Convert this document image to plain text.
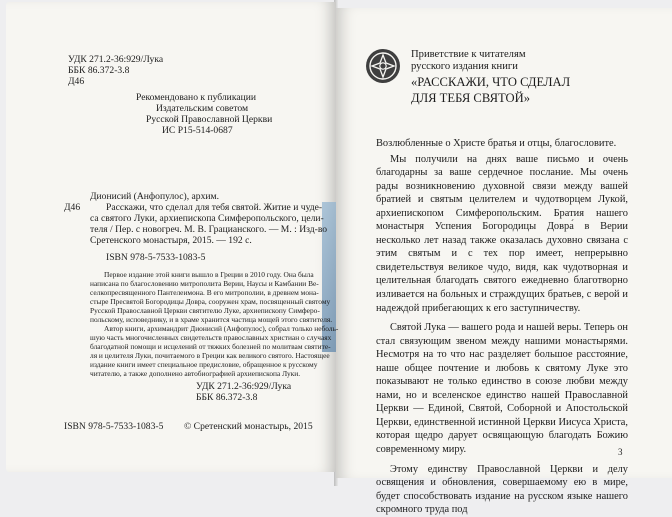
УДК 271.2-36:929/Лука
ББК 86.372-3.8
Д46
Рекомендовано к публикации
Издательским советом
Русской Православной Церкви
ИС Р15-514-0687
Дионисий (Анфопулос), архим.
Д46	Расскажи, что сделал для тебя святой. Житие и чуде-
са святого Луки, архиепископа Симферопольского, цели-
теля / Пер. с новогреч. М. В. Грацианского. — М. : Изд-во
Сретенского монастыря, 2015. — 192 с.
ISBN 978-5-7533-1083-5
Первое издание этой книги вышло в Греции в 2010 году. Она была
написана по благословению митрополита Верии, Наусы и Камбании Ве-
селкопресвященного Пантелеимона. В его митрополии, в древнем мона-
стыре Пресвятой Богородицы Довра, сооружен храм, посвященный святому
Русской Православной Церкви святителю Луке, архиепископу Симферо-
польскому, исповеднику, и в храме хранится частица мощей этого святителя.
Автор книги, архимандрит Дионисий (Анфопулос), собрал только неболь-
шую часть многочисленных свидетельств православных христиан о случаях
благодатной помощи и исцелений от тяжких болезней по молитвам святите-
ля и целителя Луки, почитаемого в Греции как великого святого. Настоящее
издание книги имеет специальное предисловие, обращенное к русскому
читателю, а также дополнено автобиографией архиепископа Луки.
УДК 271.2-36:929/Лука
ББК 86.372-3.8
ISBN 978-5-7533-1083-5 © Сретенский монастырь, 2015
Приветствие к читателям
русского издания книги
«РАССКАЖИ, ЧТО СДЕЛАЛ
ДЛЯ ТЕБЯ СВЯТОЙ»

Возлюбленные о Христе братья и отцы, благословите.

Мы получили на днях ваше письмо и очень благодарны за ваше сердечное послание. Мы очень рады возникновению духовной связи между вашей братией и святым целителем и чудотворцем Лукой, архиепископом Симферопольским. Братия нашего монастыря Успения Богородицы Довра́ в Верии несколько лет назад также оказалась духовно связана с этим святым и с тех пор имеет, непрерывно свидетельствуя великое чудо, видя, как чудотворная и целительная благодать святого ежедневно благотворно изливается на больных и страждущих братьев, с верой и надеждой прибегающих к его заступничеству.

Святой Лука — вашего рода и нашей веры. Теперь он стал связующим звеном между нашими монастырями. Несмотря на то что нас разделяет большое расстояние, наше общее почтение и любовь к святому Луке это показывают не только единство в союзе любви между нами, но и вселенское единство нашей Православной Церкви — Единой, Святой, Соборной и Апостольской Церкви, единственной истинной Церкви Иисуса Христа, которая щедро дарует освящающую благодать Божию современному миру.

Этому единству Православной Церкви и делу освящения и обновления, совершаемому ею в мире, будет способствовать издание на русском языке нашего скромного труда под

3
